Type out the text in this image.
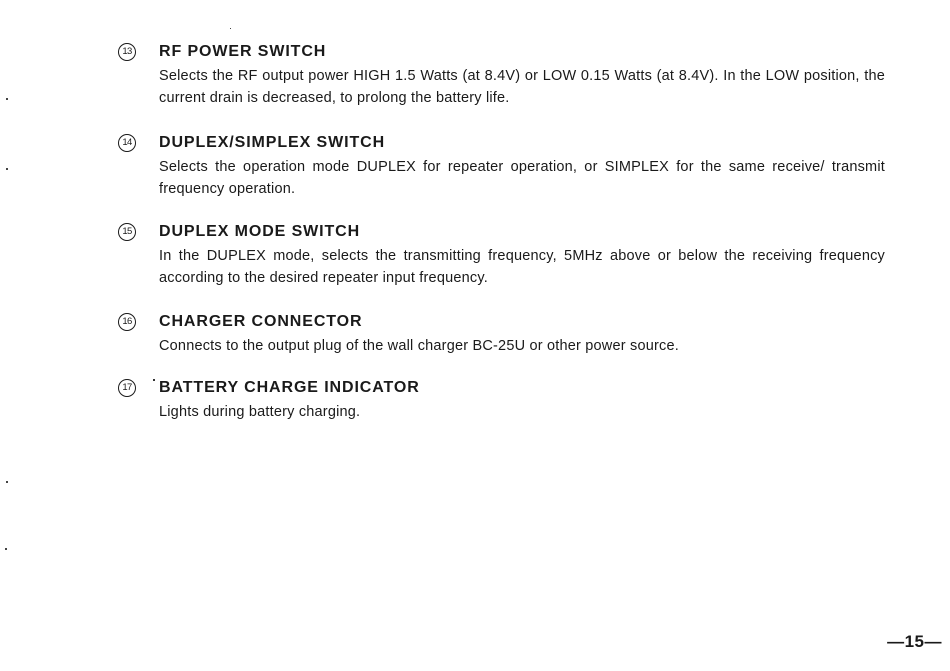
13 RF POWER SWITCH
Selects the RF output power HIGH 1.5 Watts (at 8.4V) or LOW 0.15 Watts (at 8.4V). In the LOW position, the current drain is decreased, to prolong the battery life.
14 DUPLEX/SIMPLEX SWITCH
Selects the operation mode DUPLEX for repeater operation, or SIMPLEX for the same receive/ transmit frequency operation.
15 DUPLEX MODE SWITCH
In the DUPLEX mode, selects the transmitting frequency, 5MHz above or below the receiving frequency according to the desired repeater input frequency.
16 CHARGER CONNECTOR
Connects to the output plug of the wall charger BC-25U or other power source.
17 BATTERY CHARGE INDICATOR
Lights during battery charging.
—15—
